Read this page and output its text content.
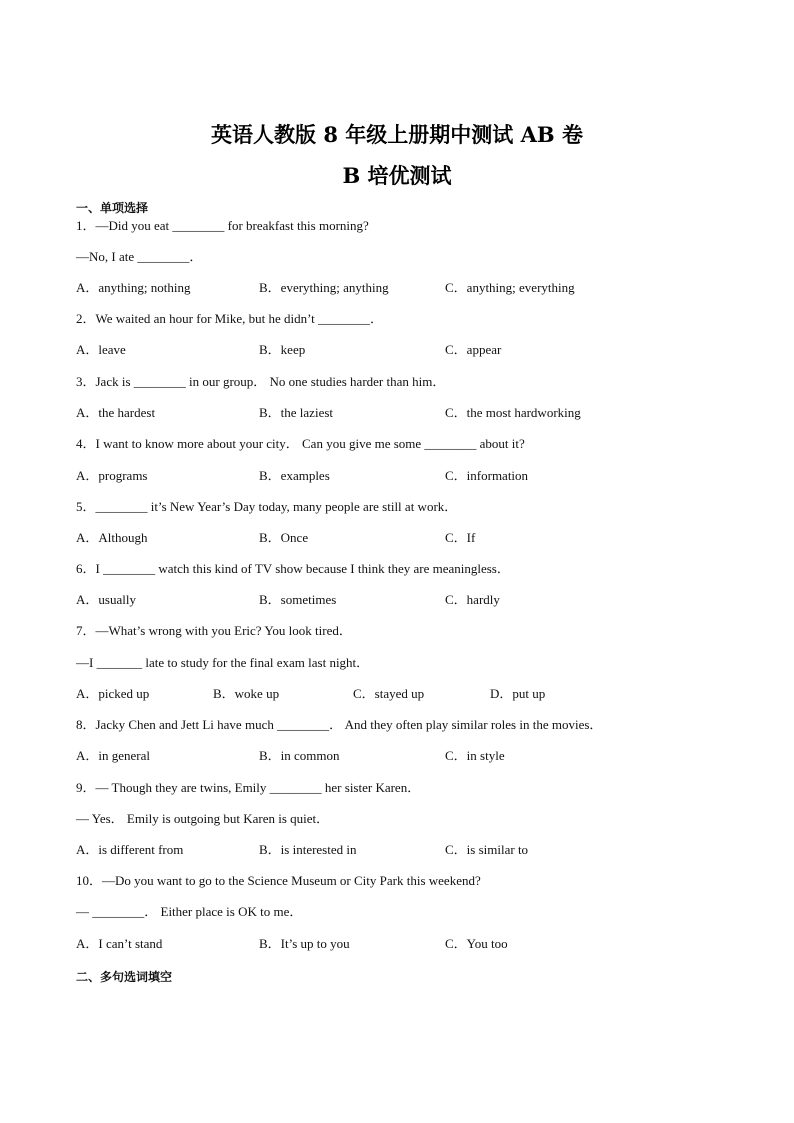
英语人教版 8 年级上册期中测试 AB 卷
B 培优测试
一、单项选择
1．—Did you eat ________ for breakfast this morning?
—No, I ate ________．
A．anything; nothing	B．everything; anything	C．anything; everything
2．We waited an hour for Mike, but he didn’t ________．
A．leave	B．keep	C．appear
3．Jack is ________ in our group． No one studies harder than him．
A．the hardest	B．the laziest	C．the most hardworking
4．I want to know more about your city． Can you give me some ________ about it?
A．programs	B．examples	C．information
5．________ it’s New Year’s Day today, many people are still at work．
A．Although	B．Once	C．If
6．I ________ watch this kind of TV show because I think they are meaningless．
A．usually	B．sometimes	C．hardly
7．—What’s wrong with you Eric? You look tired．
—I _______ late to study for the final exam last night．
A．picked up	B．woke up	C．stayed up	D．put up
8．Jacky Chen and Jett Li have much ________． And they often play similar roles in the movies．
A．in general	B．in common	C．in style
9．— Though they are twins, Emily ________ her sister Karen．
— Yes． Emily is outgoing but Karen is quiet．
A．is different from	B．is interested in	C．is similar to
10．—Do you want to go to the Science Museum or City Park this weekend?
— ________． Either place is OK to me．
A．I can’t stand	B．It’s up to you	C．You too
二、多句选词填空
